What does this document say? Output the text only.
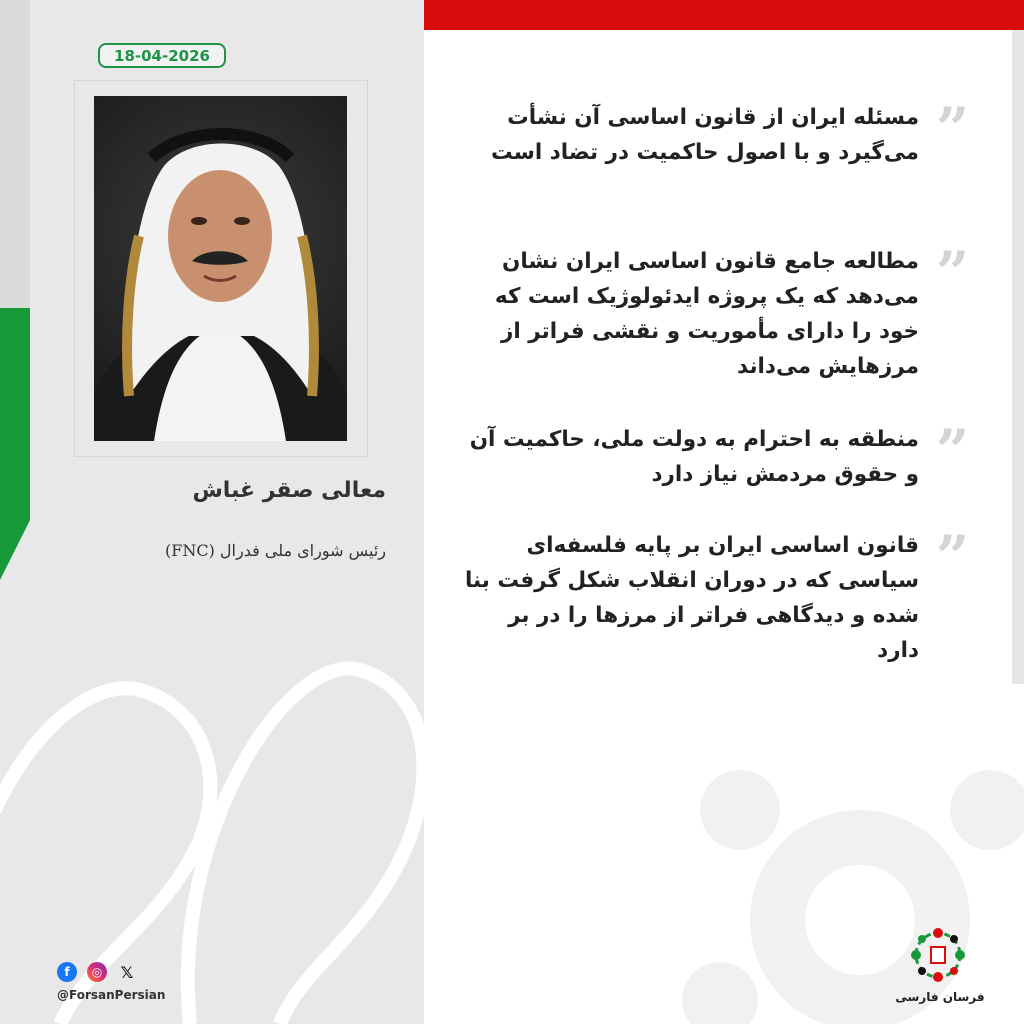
18-04-2026
معالی صقر غباش
رئیس شورای ملی فدرال (FNC)
f	◎ 𝕏
@ForsanPersian
”
مسئله ایران از قانون اساسی آن نشأت می‌گیرد و با اصول حاکمیت در تضاد است
”
مطالعه جامع قانون اساسی ایران نشان می‌دهد که یک پروژه ایدئولوژیک است که خود را دارای مأموریت و نقشی فراتر از مرزهایش می‌داند
”
منطقه به احترام به دولت ملی، حاکمیت آن و حقوق مردمش نیاز دارد
”
قانون اساسی ایران بر پایه فلسفه‌ای سیاسی که در دوران انقلاب شکل گرفت بنا شده و دیدگاهی فراتر از مرزها را در بر دارد
فرسان فارسی
